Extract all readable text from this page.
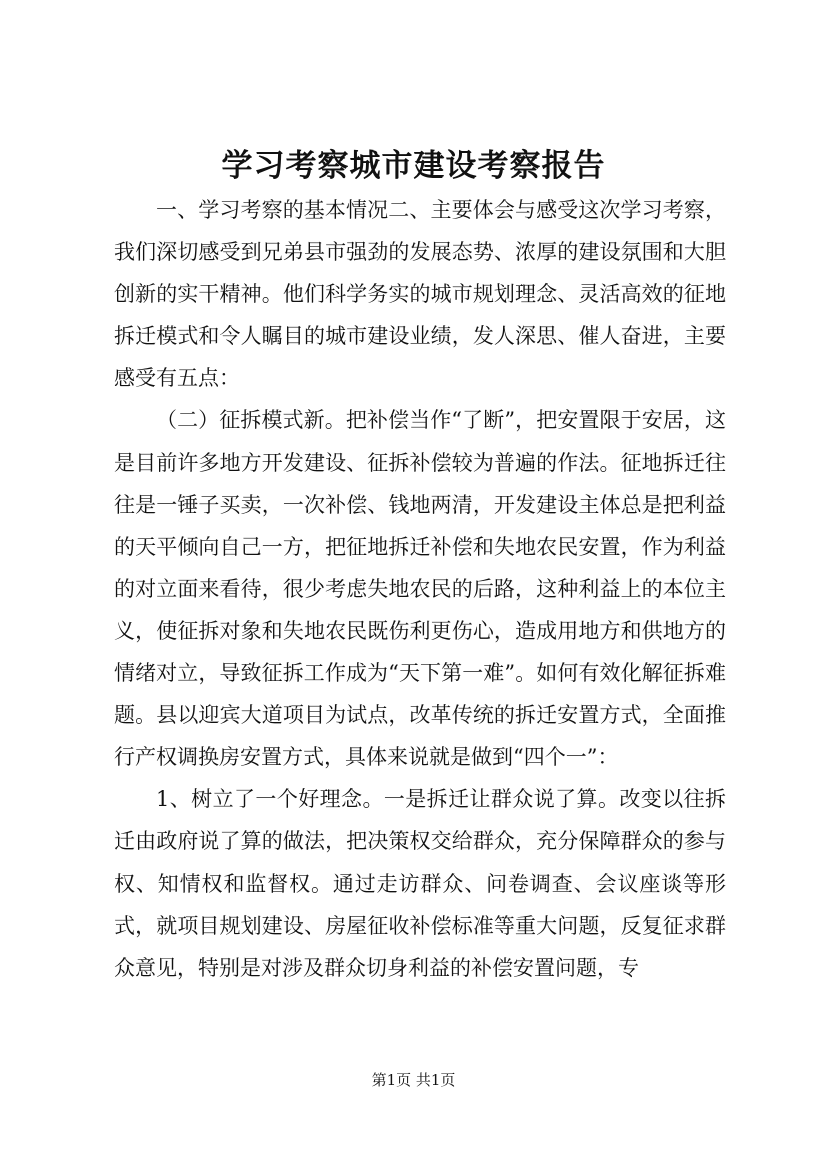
学习考察城市建设考察报告

一、学习考察的基本情况二、主要体会与感受这次学习考察，我们深切感受到兄弟县市强劲的发展态势、浓厚的建设氛围和大胆创新的实干精神。他们科学务实的城市规划理念、灵活高效的征地拆迁模式和令人瞩目的城市建设业绩，发人深思、催人奋进，主要感受有五点：

（二）征拆模式新。把补偿当作“了断”，把安置限于安居，这是目前许多地方开发建设、征拆补偿较为普遍的作法。征地拆迁往往是一锤子买卖，一次补偿、钱地两清，开发建设主体总是把利益的天平倾向自己一方，把征地拆迁补偿和失地农民安置，作为利益的对立面来看待，很少考虑失地农民的后路，这种利益上的本位主义，使征拆对象和失地农民既伤利更伤心，造成用地方和供地方的情绪对立，导致征拆工作成为“天下第一难”。如何有效化解征拆难题。县以迎宾大道项目为试点，改革传统的拆迁安置方式，全面推行产权调换房安置方式，具体来说就是做到“四个一”：

1、树立了一个好理念。一是拆迁让群众说了算。改变以往拆迁由政府说了算的做法，把决策权交给群众，充分保障群众的参与权、知情权和监督权。通过走访群众、问卷调查、会议座谈等形式，就项目规划建设、房屋征收补偿标准等重大问题，反复征求群众意见，特别是对涉及群众切身利益的补偿安置问题，专

第1页 共1页
